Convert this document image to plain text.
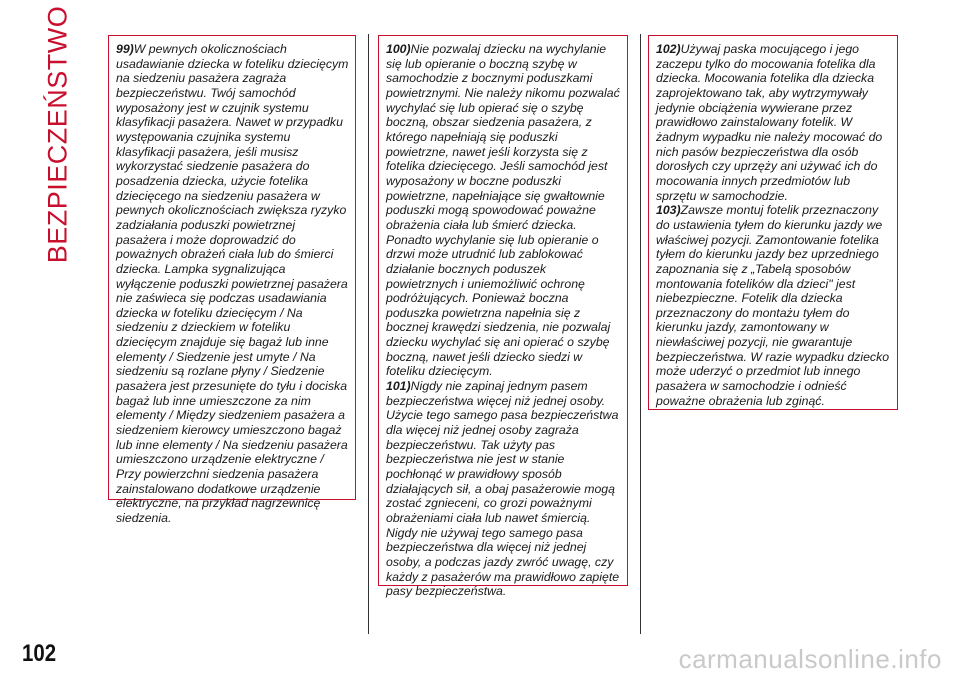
BEZPIECZEŃSTWO	99)W pewnych okolicznościach usadawianie dziecka w foteliku dziecięcym na siedzeniu pasażera zagraża bezpieczeństwu. Twój samochód wyposażony jest w czujnik systemu klasyfikacji pasażera. Nawet w przypadku występowania czujnika systemu klasyfikacji pasażera, jeśli musisz wykorzystać siedzenie pasażera do posadzenia dziecka, użycie fotelika dziecięcego na siedzeniu pasażera w pewnych okolicznościach zwiększa ryzyko zadziałania poduszki powietrznej pasażera i może doprowadzić do poważnych obrażeń ciała lub do śmierci dziecka. Lampka sygnalizująca wyłączenie poduszki powietrznej pasażera nie zaświeca się podczas usadawiania dziecka w foteliku dziecięcym / Na siedzeniu z dzieckiem w foteliku dziecięcym znajduje się bagaż lub inne elementy / Siedzenie jest umyte / Na siedzeniu są rozlane płyny / Siedzenie pasażera jest przesunięte do tyłu i dociska bagaż lub inne umieszczone za nim elementy / Między siedzeniem pasażera a siedzeniem kierowcy umieszczono bagaż lub inne elementy / Na siedzeniu pasażera umieszczono urządzenie elektryczne / Przy powierzchni siedzenia pasażera zainstalowano dodatkowe urządzenie elektryczne, na przykład nagrzewnicę siedzenia.

100)Nie pozwalaj dziecku na wychylanie się lub opieranie o boczną szybę w samochodzie z bocznymi poduszkami powietrznymi. Nie należy nikomu pozwalać wychylać się lub opierać się o szybę boczną, obszar siedzenia pasażera, z którego napełniają się poduszki powietrzne, nawet jeśli korzysta się z fotelika dziecięcego. Jeśli samochód jest wyposażony w boczne poduszki powietrzne, napełniające się gwałtownie poduszki mogą spowodować poważne obrażenia ciała lub śmierć dziecka. Ponadto wychylanie się lub opieranie o drzwi może utrudnić lub zablokować działanie bocznych poduszek powietrznych i uniemożliwić ochronę podróżujących. Ponieważ boczna poduszka powietrzna napełnia się z bocznej krawędzi siedzenia, nie pozwalaj dziecku wychylać się ani opierać o szybę boczną, nawet jeśli dziecko siedzi w foteliku dziecięcym.

101)Nigdy nie zapinaj jednym pasem bezpieczeństwa więcej niż jednej osoby. Użycie tego samego pasa bezpieczeństwa dla więcej niż jednej osoby zagraża bezpieczeństwu. Tak użyty pas bezpieczeństwa nie jest w stanie pochłonąć w prawidłowy sposób działających sił, a obaj pasażerowie mogą zostać zgnieceni, co grozi poważnymi obrażeniami ciała lub nawet śmiercią. Nigdy nie używaj tego samego pasa bezpieczeństwa dla więcej niż jednej osoby, a podczas jazdy zwróć uwagę, czy każdy z pasażerów ma prawidłowo zapięte pasy bezpieczeństwa.

102)Używaj paska mocującego i jego zaczepu tylko do mocowania fotelika dla dziecka. Mocowania fotelika dla dziecka zaprojektowano tak, aby wytrzymywały jedynie obciążenia wywierane przez prawidłowo zainstalowany fotelik. W żadnym wypadku nie należy mocować do nich pasów bezpieczeństwa dla osób dorosłych czy uprzęży ani używać ich do mocowania innych przedmiotów lub sprzętu w samochodzie.

103)Zawsze montuj fotelik przeznaczony do ustawienia tyłem do kierunku jazdy we właściwej pozycji. Zamontowanie fotelika tyłem do kierunku jazdy bez uprzedniego zapoznania się z „Tabelą sposobów montowania fotelików dla dzieci" jest niebezpieczne. Fotelik dla dziecka przeznaczony do montażu tyłem do kierunku jazdy, zamontowany w niewłaściwej pozycji, nie gwarantuje bezpieczeństwa. W razie wypadku dziecko może uderzyć o przedmiot lub innego pasażera w samochodzie i odnieść poważne obrażenia lub zginąć.

102	carmanualsonline.info
